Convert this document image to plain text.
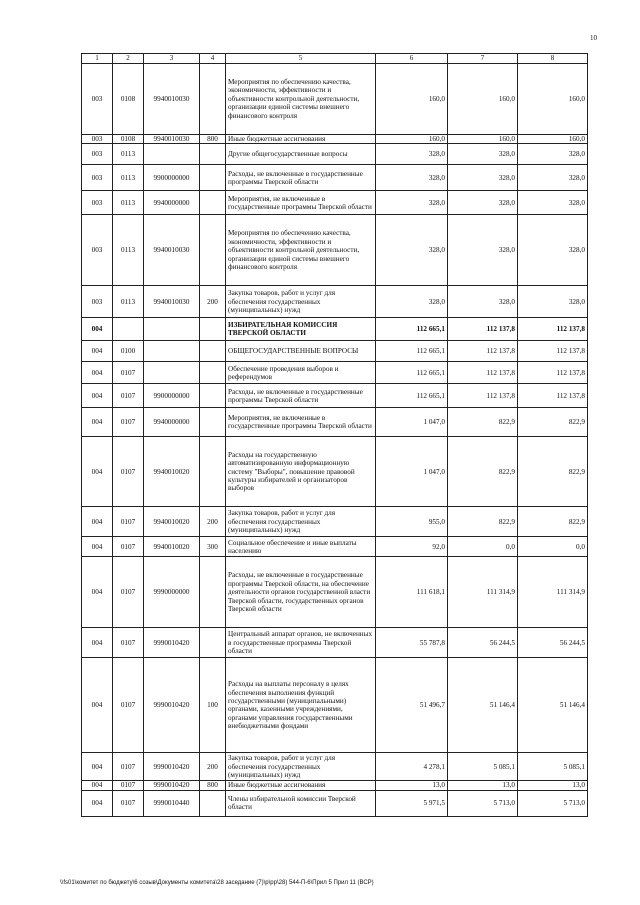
10
1	2	3	4	5	6	7	8
003	0108	9940010030		Мероприятия по обеспечению качества, экономичности, эффективности и объективности контрольной деятельности, организации единой системы внешнего финансового контроля	160,0	160,0	160,0
003	0108	9940010030	800	Иные бюджетные ассигнования	160,0	160,0	160,0
003	0113			Другие общегосударственные вопросы	328,0	328,0	328,0
003	0113	9900000000		Расходы, не включенные в государственные программы Тверской области	328,0	328,0	328,0
003	0113	9940000000		Мероприятия, не включенные в государственные программы Тверской области	328,0	328,0	328,0
003	0113	9940010030		Мероприятия по обеспечению качества, экономичности, эффективности и объективности контрольной деятельности, организации единой системы внешнего финансового контроля	328,0	328,0	328,0
003	0113	9940010030	200	Закупка товаров, работ и услуг для обеспечения государственных (муниципальных) нужд	328,0	328,0	328,0
004				ИЗБИРАТЕЛЬНАЯ КОМИССИЯ ТВЕРСКОЙ ОБЛАСТИ	112 665,1	112 137,8	112 137,8
004	0100			ОБЩЕГОСУДАРСТВЕННЫЕ ВОПРОСЫ	112 665,1	112 137,8	112 137,8
004	0107			Обеспечение проведения выборов и референдумов	112 665,1	112 137,8	112 137,8
004	0107	9900000000		Расходы, не включенные в государственные программы Тверской области	112 665,1	112 137,8	112 137,8
004	0107	9940000000		Мероприятия, не включенные в государственные программы Тверской области	1 047,0	822,9	822,9
004	0107	9940010020		Расходы на государственную автоматизированную информационную систему "Выборы", повышение правовой культуры избирателей и организаторов выборов	1 047,0	822,9	822,9
004	0107	9940010020	200	Закупка товаров, работ и услуг для обеспечения государственных (муниципальных) нужд	955,0	822,9	822,9
004	0107	9940010020	300	Социальное обеспечение и иные выплаты населению	92,0	0,0	0,0
004	0107	9990000000		Расходы, не включенные в государственные программы Тверской области, на обеспечение деятельности органов государственной власти Тверской области, государственных органов Тверской области	111 618,1	111 314,9	111 314,9
004	0107	9990010420		Центральный аппарат органов, не включенных в государственные программы Тверской области	55 787,8	56 244,5	56 244,5
004	0107	9990010420	100	Расходы на выплаты персоналу в целях обеспечения выполнения функций государственными (муниципальными) органами, казенными учреждениями, органами управления государственными внебюджетными фондами	51 496,7	51 146,4	51 146,4
004	0107	9990010420	200	Закупка товаров, работ и услуг для обеспечения государственных (муниципальных) нужд	4 278,1	5 085,1	5 085,1
004	0107	9990010420	800	Иные бюджетные ассигнования	13,0	13,0	13,0
004	0107	9990010440		Члены избирательной комиссии Тверской области	5 971,5	5 713,0	5 713,0
\\fs01\комитет по бюджету\6 созыв\Документы комитета\28 заседание (7)\р\рр\28) 544-П-6\Прил 5 Прил 11 (ВСР)
